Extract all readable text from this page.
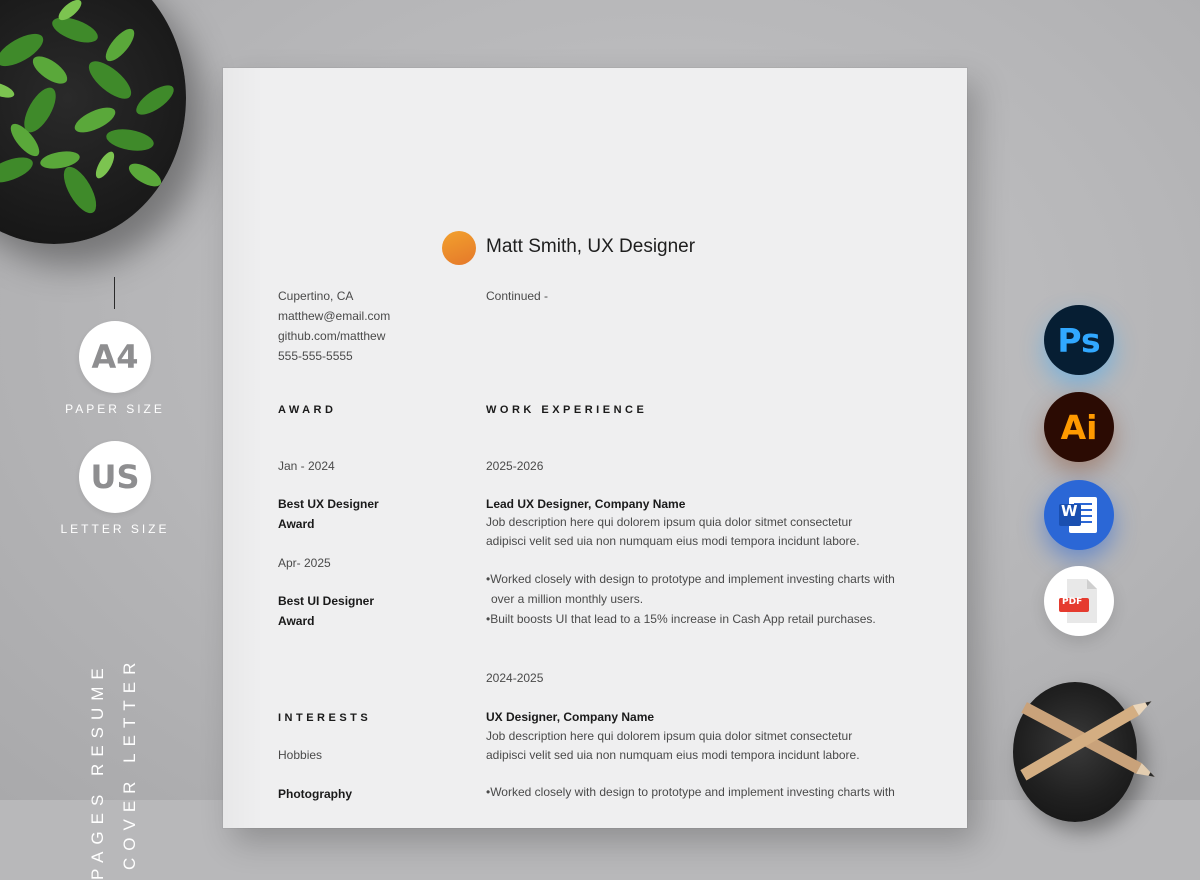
A4
PAPER SIZE
US
LETTER SIZE
PAGES RESUME COVER LETTER
Matt Smith, UX Designer
Cupertino, CA
matthew@email.com
github.com/matthew
555-555-5555
Continued -
AWARD	WORK EXPERIENCE
Jan - 2024
Best UX Designer
Award
Apr- 2025
Best UI Designer
Award
INTERESTS
Hobbies
Photography
2025-2026
Lead UX Designer, Company Name
Job description here qui dolorem ipsum quia dolor sitmet consectetur
adipisci velit sed uia non numquam eius modi tempora incidunt labore.
•Worked closely with design to prototype and implement investing charts with
over a million monthly users.
•Built boosts UI that lead to a 15% increase in Cash App retail purchases.
2024-2025
UX Designer, Company Name
Job description here qui dolorem ipsum quia dolor sitmet consectetur
adipisci velit sed uia non numquam eius modi tempora incidunt labore.
•Worked closely with design to prototype and implement investing charts with
Ps
Ai
W
PDF
